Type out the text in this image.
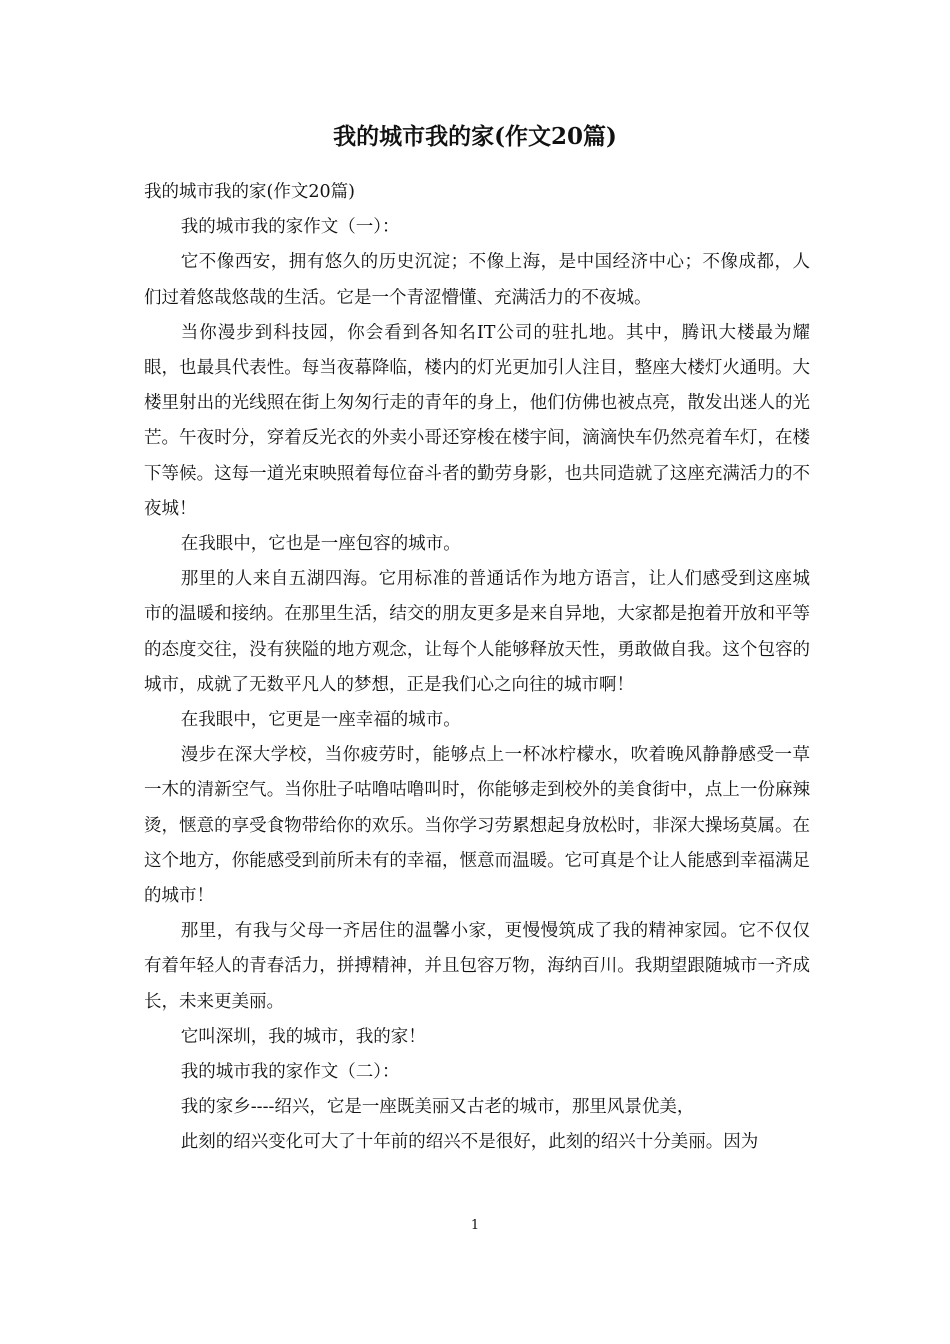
我的城市我的家(作文20篇)

我的城市我的家(作文20篇)

我的城市我的家作文（一）：

它不像西安，拥有悠久的历史沉淀；不像上海，是中国经济中心；不像成都，人们过着悠哉悠哉的生活。它是一个青涩懵懂、充满活力的不夜城。

当你漫步到科技园，你会看到各知名IT公司的驻扎地。其中，腾讯大楼最为耀眼，也最具代表性。每当夜幕降临，楼内的灯光更加引人注目，整座大楼灯火通明。大楼里射出的光线照在街上匆匆行走的青年的身上，他们仿佛也被点亮，散发出迷人的光芒。午夜时分，穿着反光衣的外卖小哥还穿梭在楼宇间，滴滴快车仍然亮着车灯，在楼下等候。这每一道光束映照着每位奋斗者的勤劳身影，也共同造就了这座充满活力的不夜城！

在我眼中，它也是一座包容的城市。

那里的人来自五湖四海。它用标准的普通话作为地方语言，让人们感受到这座城市的温暖和接纳。在那里生活，结交的朋友更多是来自异地，大家都是抱着开放和平等的态度交往，没有狭隘的地方观念，让每个人能够释放天性，勇敢做自我。这个包容的城市，成就了无数平凡人的梦想，正是我们心之向往的城市啊！

在我眼中，它更是一座幸福的城市。

漫步在深大学校，当你疲劳时，能够点上一杯冰柠檬水，吹着晚风静静感受一草一木的清新空气。当你肚子咕噜咕噜叫时，你能够走到校外的美食街中，点上一份麻辣烫，惬意的享受食物带给你的欢乐。当你学习劳累想起身放松时，非深大操场莫属。在这个地方，你能感受到前所未有的幸福，惬意而温暖。它可真是个让人能感到幸福满足的城市！

那里，有我与父母一齐居住的温馨小家，更慢慢筑成了我的精神家园。它不仅仅有着年轻人的青春活力，拼搏精神，并且包容万物，海纳百川。我期望跟随城市一齐成长，未来更美丽。

它叫深圳，我的城市，我的家！

我的城市我的家作文（二）：

我的家乡----绍兴，它是一座既美丽又古老的城市，那里风景优美，

此刻的绍兴变化可大了十年前的绍兴不是很好，此刻的绍兴十分美丽。因为

1
